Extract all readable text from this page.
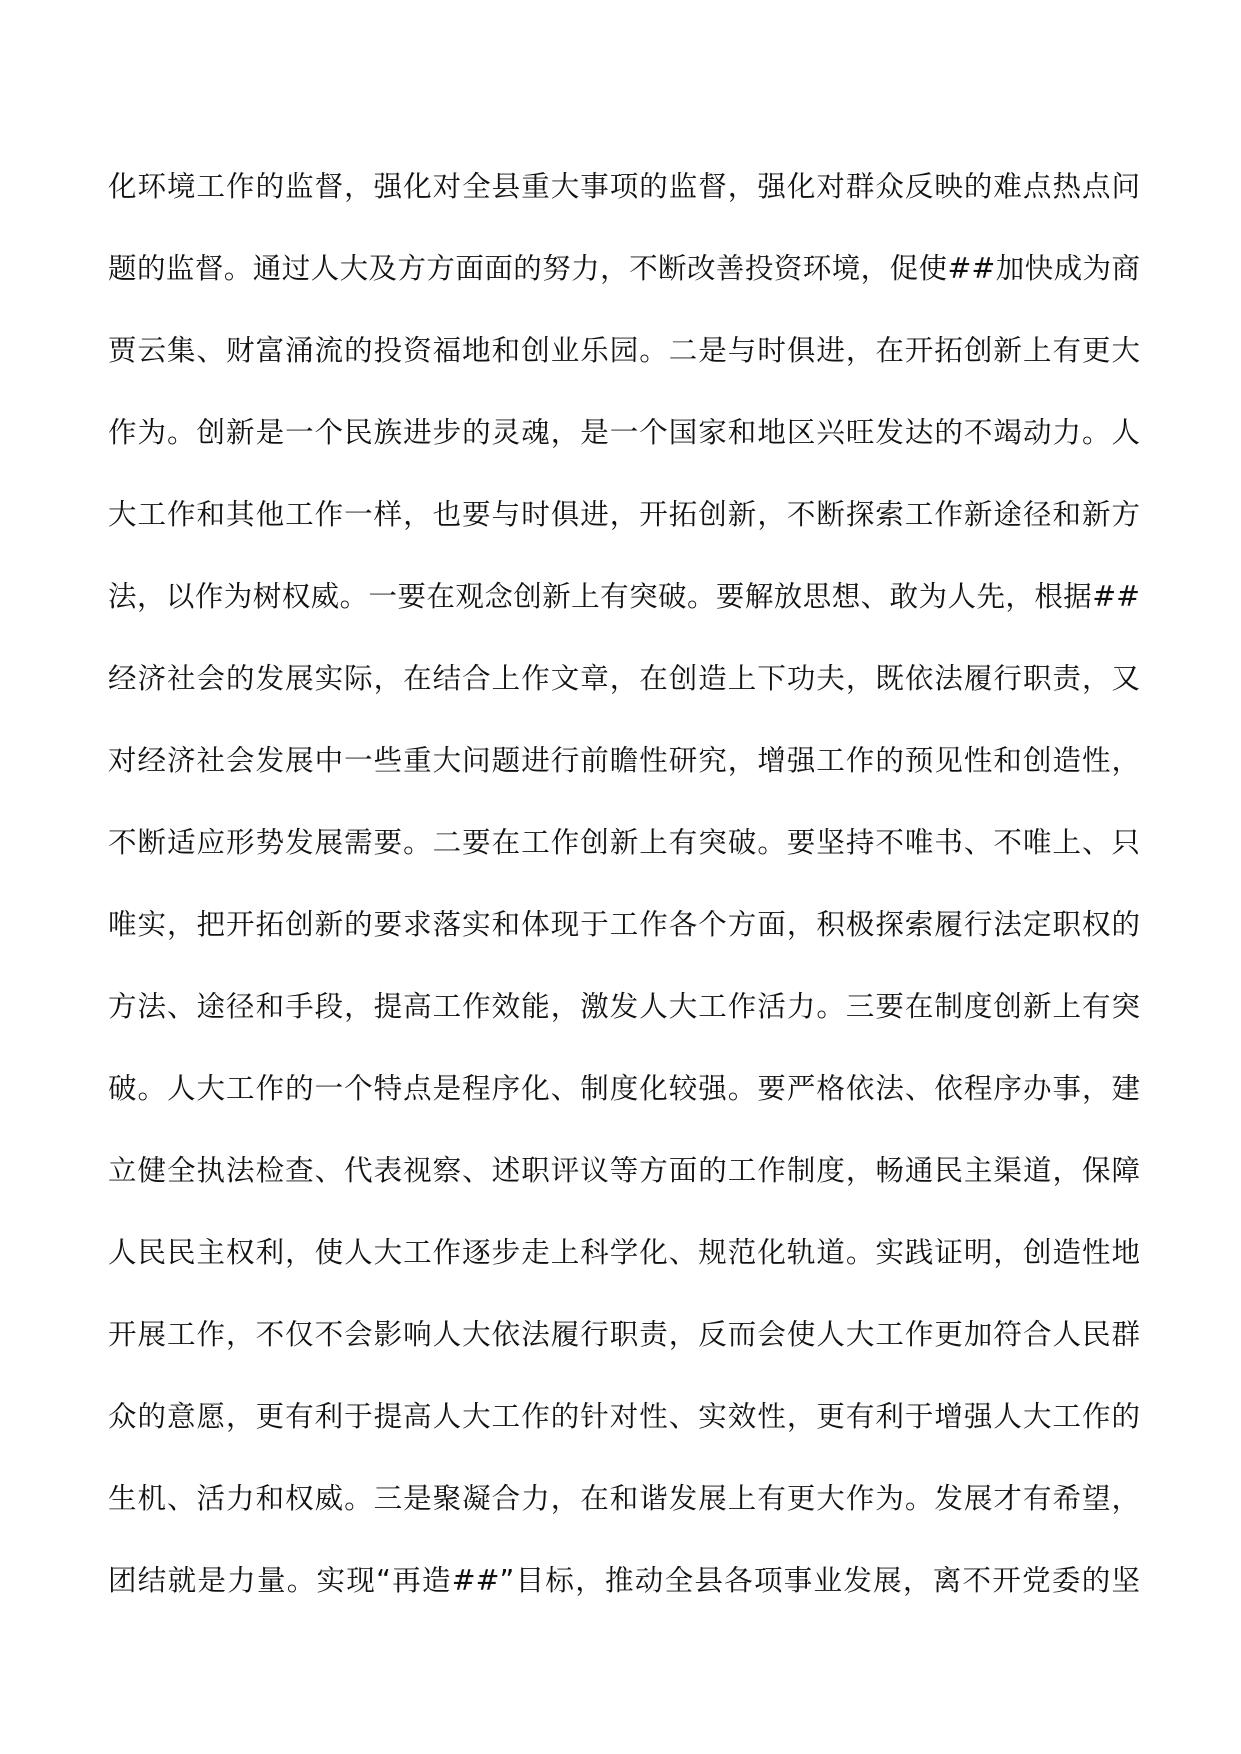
化环境工作的监督，强化对全县重大事项的监督，强化对群众反映的难点热点问
题的监督。通过人大及方方面面的努力，不断改善投资环境，促使##加快成为商
贾云集、财富涌流的投资福地和创业乐园。二是与时俱进，在开拓创新上有更大
作为。创新是一个民族进步的灵魂，是一个国家和地区兴旺发达的不竭动力。人
大工作和其他工作一样，也要与时俱进，开拓创新，不断探索工作新途径和新方
法，以作为树权威。一要在观念创新上有突破。要解放思想、敢为人先，根据##
经济社会的发展实际，在结合上作文章，在创造上下功夫，既依法履行职责，又
对经济社会发展中一些重大问题进行前瞻性研究，增强工作的预见性和创造性，
不断适应形势发展需要。二要在工作创新上有突破。要坚持不唯书、不唯上、只
唯实，把开拓创新的要求落实和体现于工作各个方面，积极探索履行法定职权的
方法、途径和手段，提高工作效能，激发人大工作活力。三要在制度创新上有突
破。人大工作的一个特点是程序化、制度化较强。要严格依法、依程序办事，建
立健全执法检查、代表视察、述职评议等方面的工作制度，畅通民主渠道，保障
人民民主权利，使人大工作逐步走上科学化、规范化轨道。实践证明，创造性地
开展工作，不仅不会影响人大依法履行职责，反而会使人大工作更加符合人民群
众的意愿，更有利于提高人大工作的针对性、实效性，更有利于增强人大工作的
生机、活力和权威。三是聚凝合力，在和谐发展上有更大作为。发展才有希望，
团结就是力量。实现“再造##”目标，推动全县各项事业发展，离不开党委的坚
